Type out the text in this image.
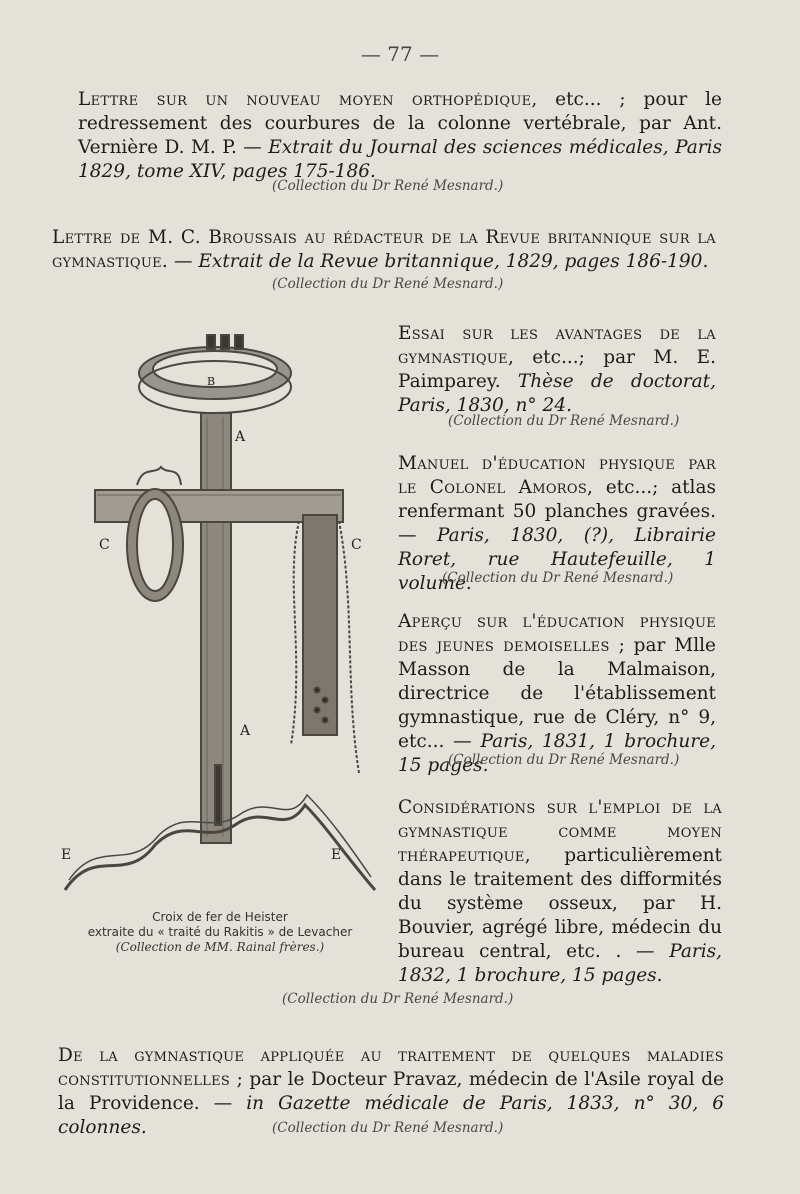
— 77 —
Lettre sur un nouveau moyen orthopédique, etc... ; pour le redressement des courbures de la colonne vertébrale, par Ant. Vernière D. M. P. — Extrait du Journal des sciences médicales, Paris 1829, tome XIV, pages 175-186.
(Collection du Dr René Mesnard.)
Lettre de M. C. Broussais au rédacteur de la Revue britannique sur la gymnastique. — Extrait de la Revue britannique, 1829, pages 186-190.
(Collection du Dr René Mesnard.)
Essai sur les avantages de la gymnastique, etc...; par M. E. Paimparey. Thèse de doctorat, Paris, 1830, n° 24.
(Collection du Dr René Mesnard.)
Manuel d'éducation physique par le Colonel Amoros, etc...; atlas renfermant 50 planches gravées. — Paris, 1830, (?), Librairie Roret, rue Hautefeuille, 1 volume.
(Collection du Dr René Mesnard.)
Aperçu sur l'éducation physique des jeunes demoiselles ; par Mlle Masson de la Malmaison, directrice de l'établissement gymnastique, rue de Cléry, n° 9, etc... — Paris, 1831, 1 brochure, 15 pages.
(Collection du Dr René Mesnard.)
Considérations sur l'emploi de la gymnastique comme moyen thérapeutique, particulièrement dans le traitement des difformités du système osseux, par H. Bouvier, agrégé libre, médecin du bureau central, etc. . — Paris, 1832, 1 brochure, 15 pages.
(Collection du Dr René Mesnard.)
De la gymnastique appliquée au traitement de quelques maladies constitutionnelles ; par le Docteur Pravaz, médecin de l'Asile royal de la Providence. — in Gazette médicale de Paris, 1833, n° 30, 6 colonnes.	(Collection du Dr René Mesnard.)
A
A
B
C	C
E	E
Croix de fer de Heister
extraite du « traité du Rakitis » de Levacher
(Collection de MM. Rainal frères.)
